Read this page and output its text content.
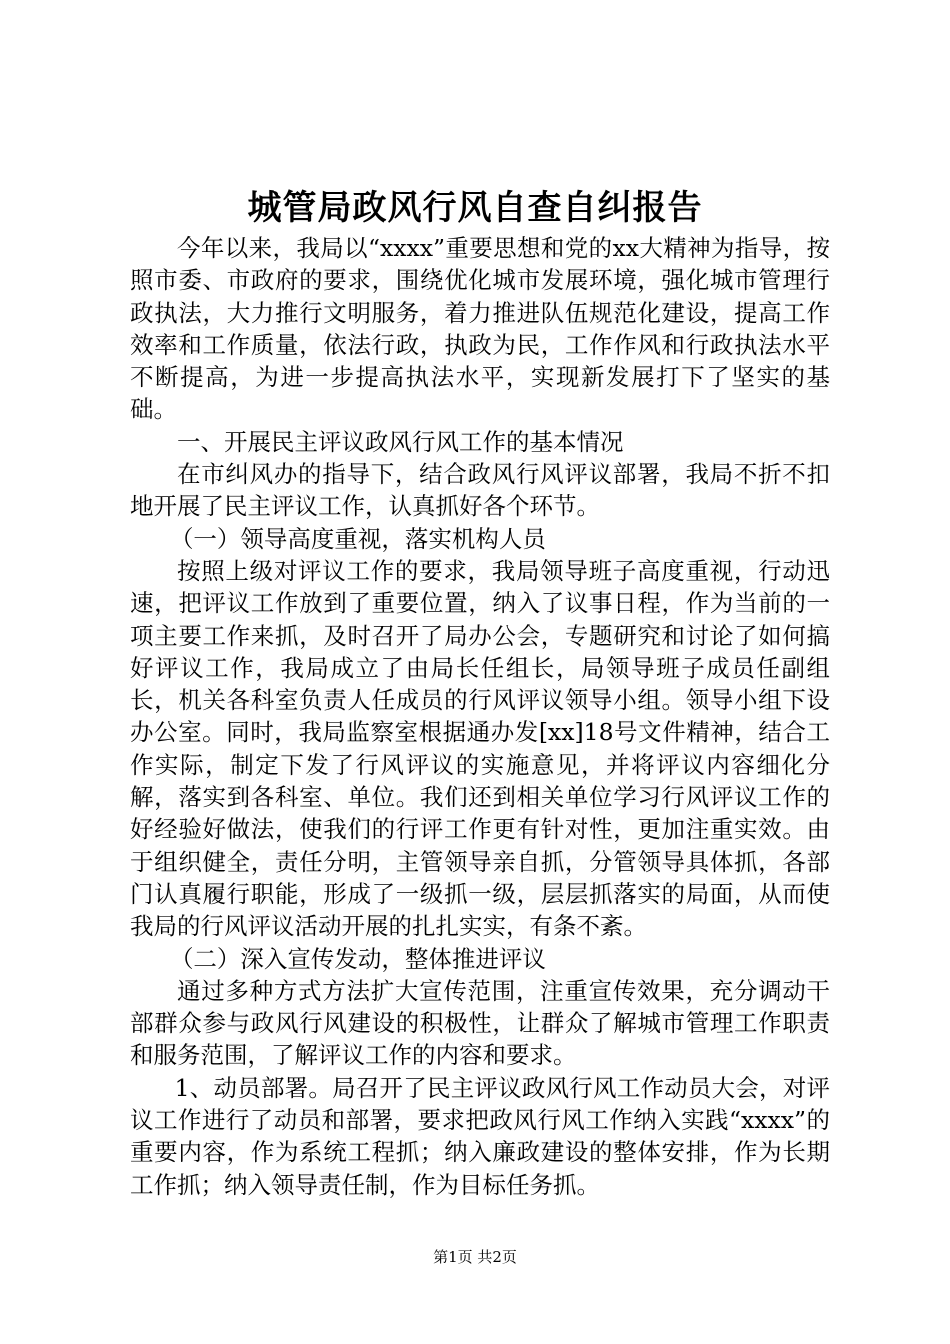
城管局政风行风自查自纠报告

今年以来，我局以“xxxx”重要思想和党的xx大精神为指导，按照市委、市政府的要求，围绕优化城市发展环境，强化城市管理行政执法，大力推行文明服务，着力推进队伍规范化建设，提高工作效率和工作质量，依法行政，执政为民，工作作风和行政执法水平不断提高，为进一步提高执法水平，实现新发展打下了坚实的基础。

一、开展民主评议政风行风工作的基本情况

在市纠风办的指导下，结合政风行风评议部署，我局不折不扣地开展了民主评议工作，认真抓好各个环节。

（一）领导高度重视，落实机构人员

按照上级对评议工作的要求，我局领导班子高度重视，行动迅速，把评议工作放到了重要位置，纳入了议事日程，作为当前的一项主要工作来抓，及时召开了局办公会，专题研究和讨论了如何搞好评议工作，我局成立了由局长任组长，局领导班子成员任副组长，机关各科室负责人任成员的行风评议领导小组。领导小组下设办公室。同时，我局监察室根据通办发[xx]18号文件精神，结合工作实际，制定下发了行风评议的实施意见，并将评议内容细化分解，落实到各科室、单位。我们还到相关单位学习行风评议工作的好经验好做法，使我们的行评工作更有针对性，更加注重实效。由于组织健全，责任分明，主管领导亲自抓，分管领导具体抓，各部门认真履行职能，形成了一级抓一级，层层抓落实的局面，从而使我局的行风评议活动开展的扎扎实实，有条不紊。

（二）深入宣传发动，整体推进评议

通过多种方式方法扩大宣传范围，注重宣传效果，充分调动干部群众参与政风行风建设的积极性，让群众了解城市管理工作职责和服务范围，了解评议工作的内容和要求。

1、动员部署。局召开了民主评议政风行风工作动员大会，对评议工作进行了动员和部署，要求把政风行风工作纳入实践“xxxx”的重要内容，作为系统工程抓；纳入廉政建设的整体安排，作为长期工作抓；纳入领导责任制，作为目标任务抓。

第1页 共2页
